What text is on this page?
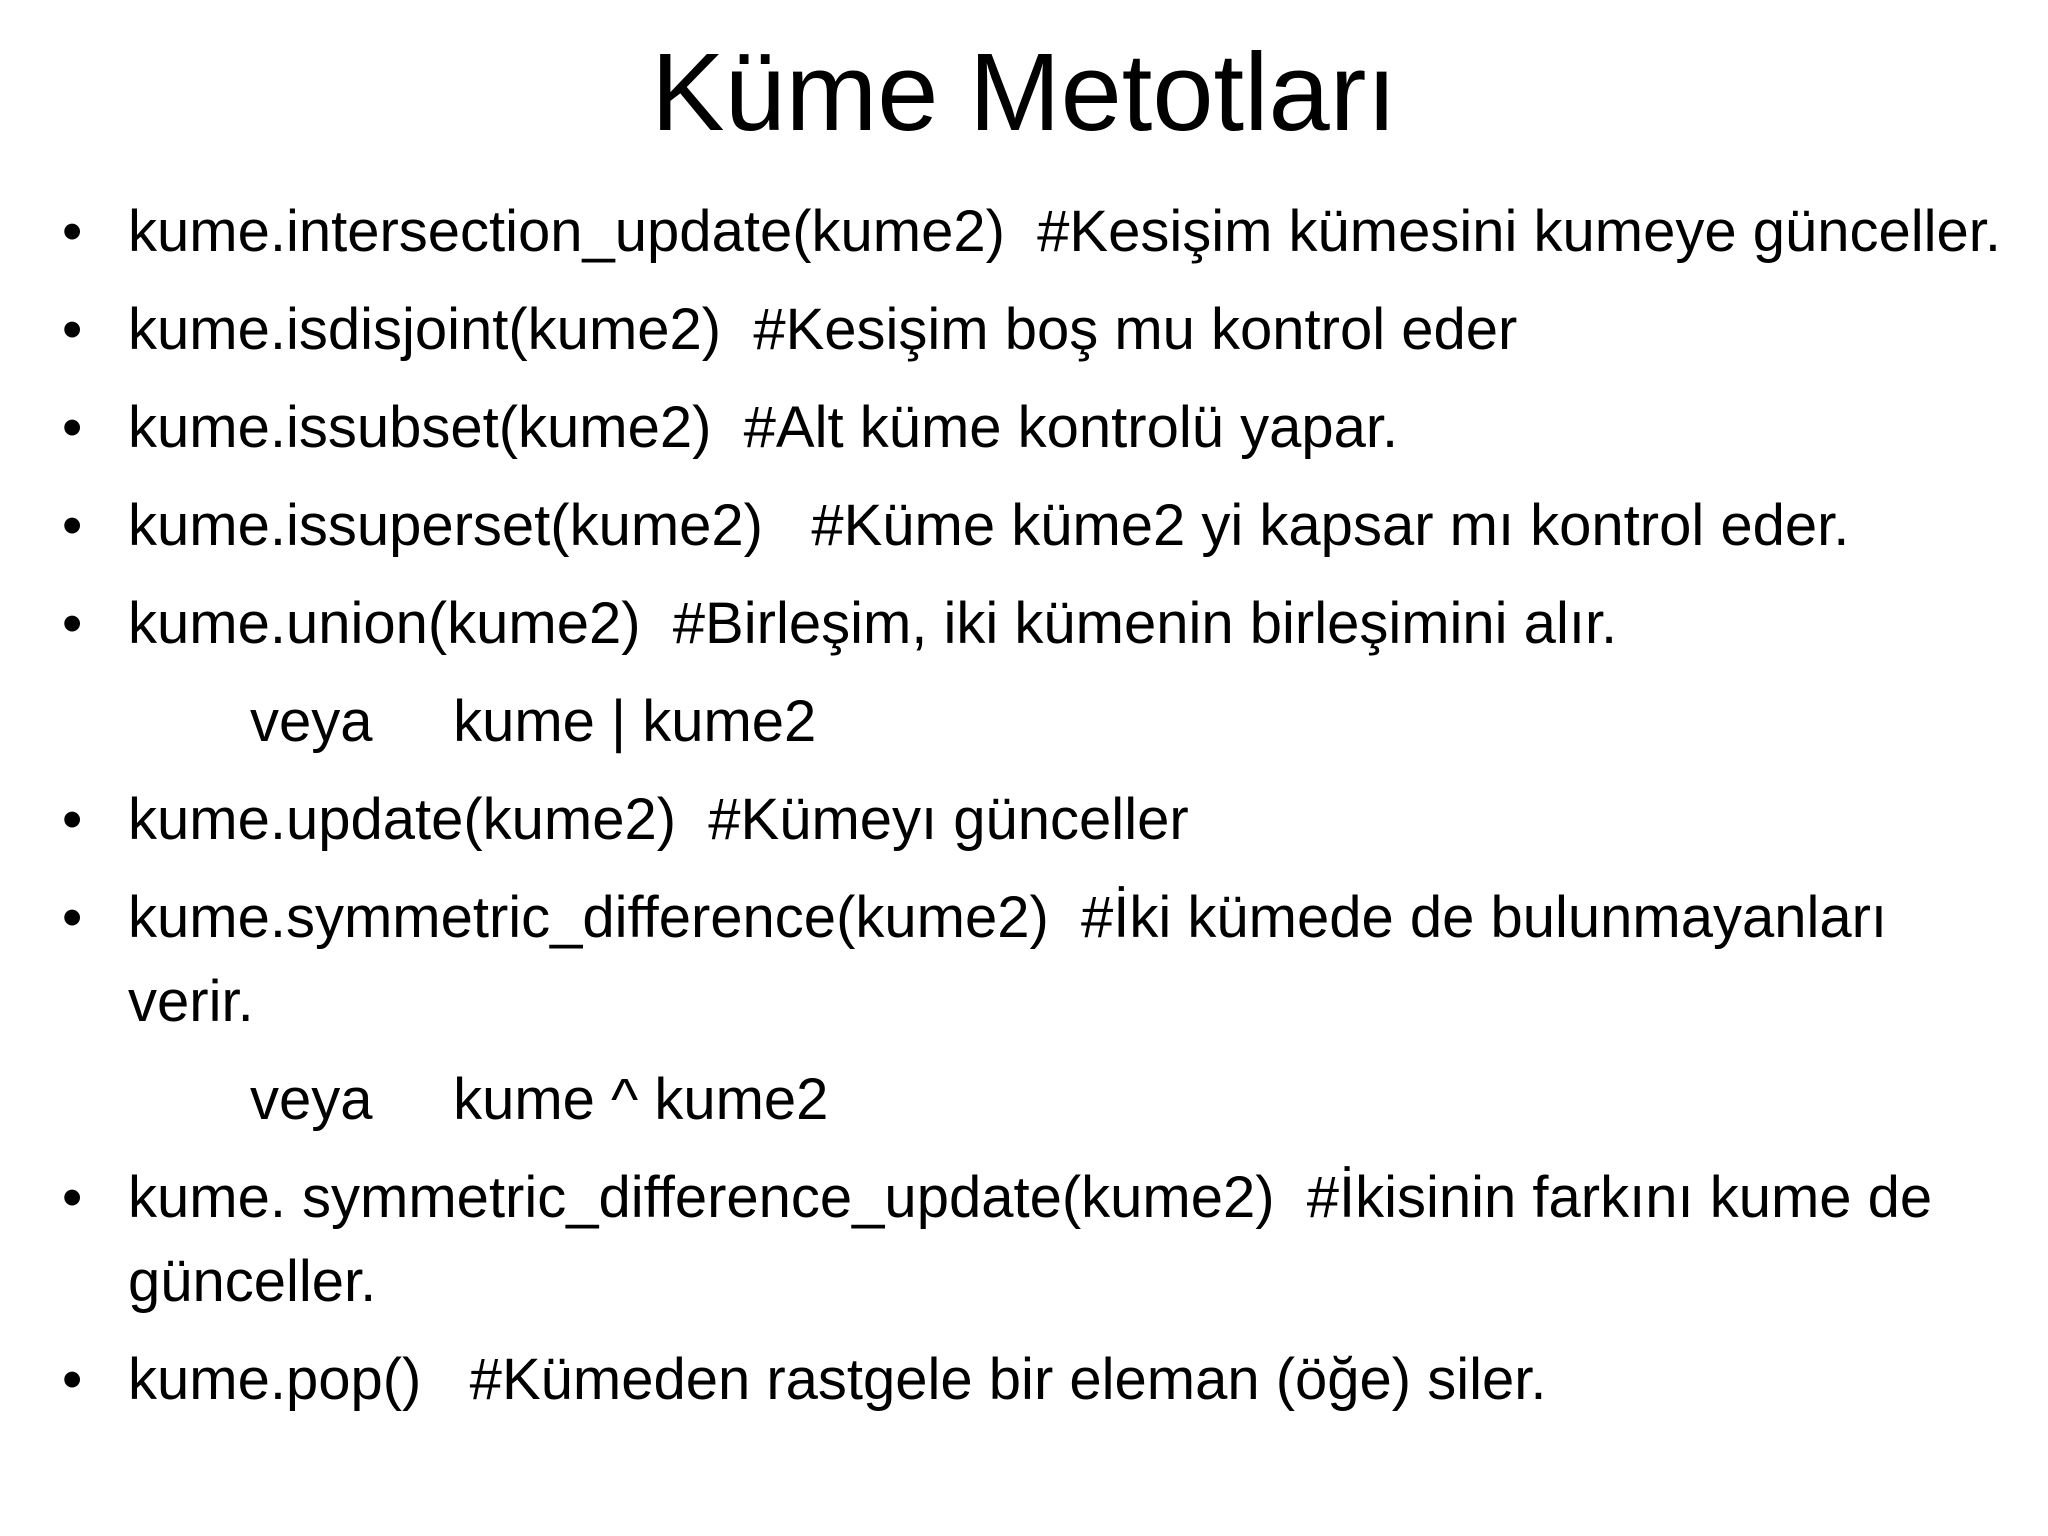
Küme Metotları
• kume.intersection_update(kume2)  #Kesişim kümesini kumeye günceller.
• kume.isdisjoint(kume2)  #Kesişim boş mu kontrol eder
• kume.issubset(kume2)  #Alt küme kontrolü yapar.
• kume.issuperset(kume2)   #Küme küme2 yi kapsar mı kontrol eder.
• kume.union(kume2)  #Birleşim, iki kümenin birleşimini alır.
veya     kume | kume2
• kume.update(kume2)  #Kümeyı günceller
• kume.symmetric_difference(kume2)  #İki kümede de bulunmayanları verir.
veya     kume ^ kume2
• kume. symmetric_difference_update(kume2)  #İkisinin farkını kume de günceller.
• kume.pop()   #Kümeden rastgele bir eleman (öğe) siler.
